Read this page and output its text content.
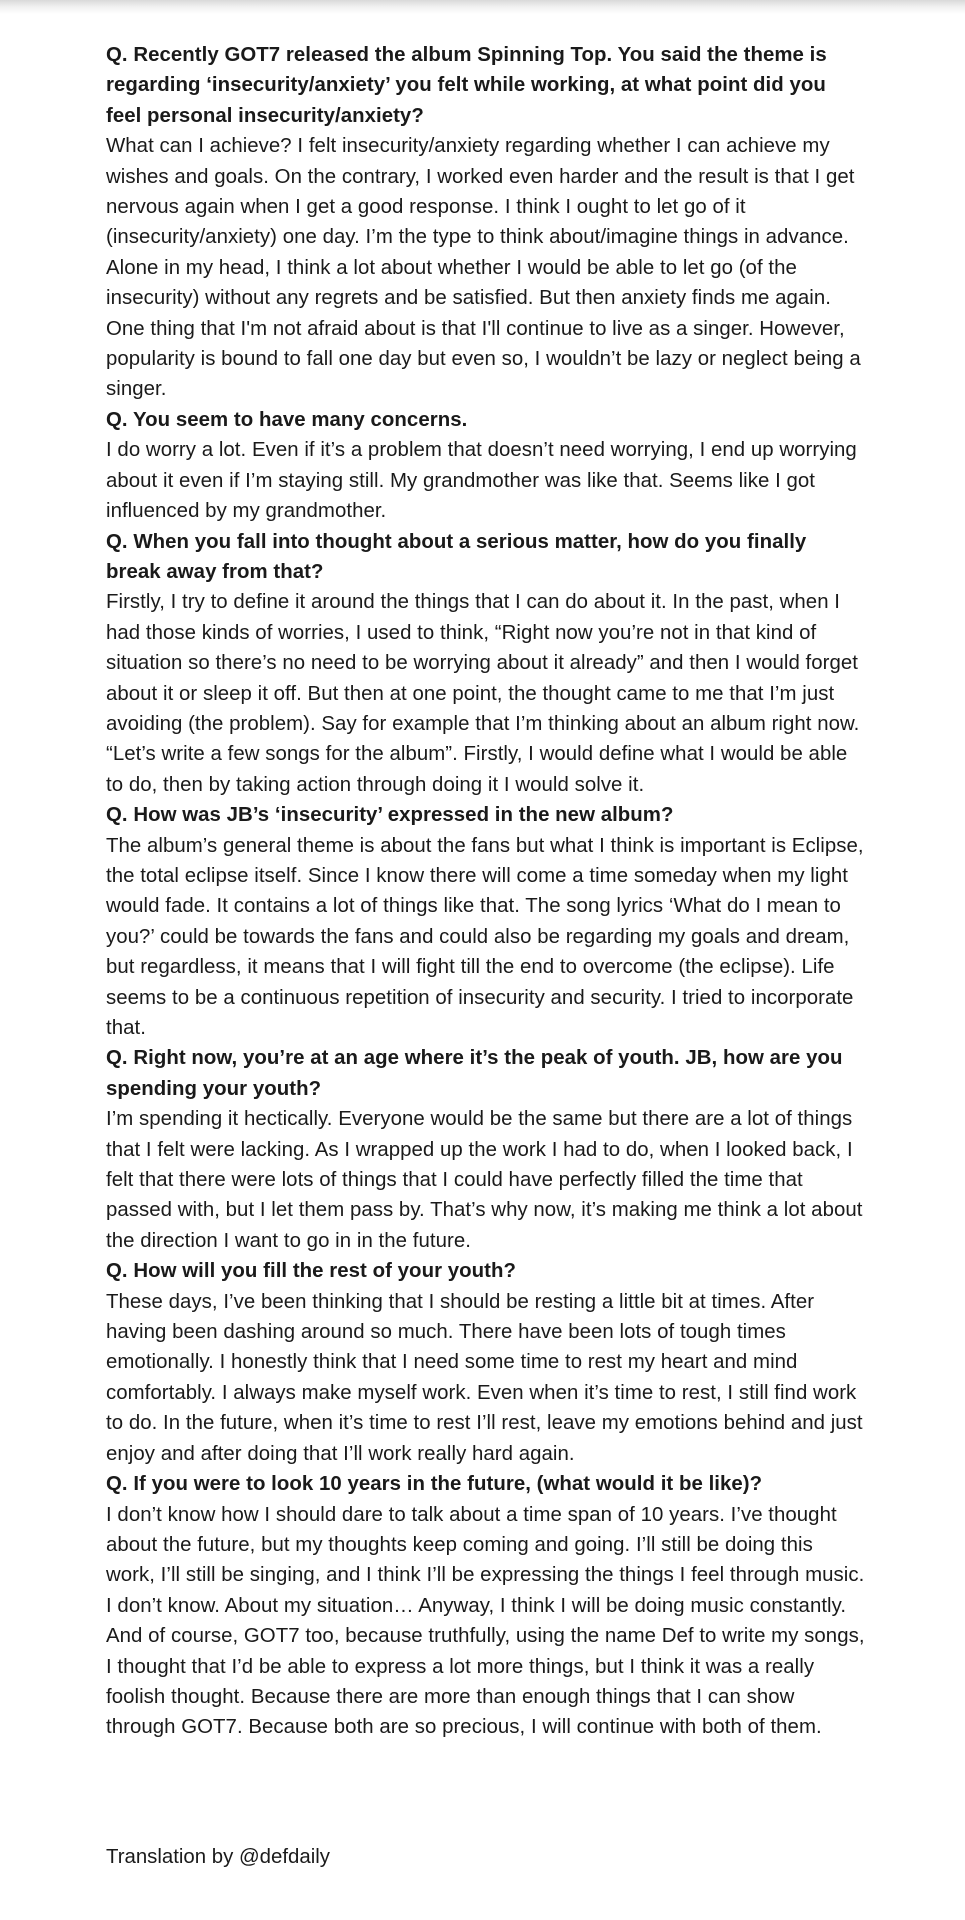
Q. Recently GOT7 released the album Spinning Top. You said the theme is regarding ‘insecurity/anxiety’ you felt while working, at what point did you feel personal insecurity/anxiety?

What can I achieve? I felt insecurity/anxiety regarding whether I can achieve my wishes and goals. On the contrary, I worked even harder and the result is that I get nervous again when I get a good response. I think I ought to let go of it (insecurity/anxiety) one day. I’m the type to think about/imagine things in advance. Alone in my head, I think a lot about whether I would be able to let go (of the insecurity) without any regrets and be satisfied. But then anxiety finds me again. One thing that I'm not afraid about is that I'll continue to live as a singer. However, popularity is bound to fall one day but even so, I wouldn’t be lazy or neglect being a singer.

Q. You seem to have many concerns.

I do worry a lot. Even if it’s a problem that doesn’t need worrying, I end up worrying about it even if I’m staying still. My grandmother was like that. Seems like I got influenced by my grandmother.

Q. When you fall into thought about a serious matter, how do you finally break away from that?

Firstly, I try to define it around the things that I can do about it. In the past, when I had those kinds of worries, I used to think, “Right now you’re not in that kind of situation so there’s no need to be worrying about it already” and then I would forget about it or sleep it off. But then at one point, the thought came to me that I’m just avoiding (the problem). Say for example that I’m thinking about an album right now. “Let’s write a few songs for the album”. Firstly, I would define what I would be able to do, then by taking action through doing it I would solve it.

Q. How was JB’s ‘insecurity’ expressed in the new album?

The album’s general theme is about the fans but what I think is important is Eclipse, the total eclipse itself. Since I know there will come a time someday when my light would fade. It contains a lot of things like that. The song lyrics ‘What do I mean to you?’ could be towards the fans and could also be regarding my goals and dream, but regardless, it means that I will fight till the end to overcome (the eclipse). Life seems to be a continuous repetition of insecurity and security. I tried to incorporate that.

Q. Right now, you’re at an age where it’s the peak of youth. JB, how are you spending your youth?

I’m spending it hectically. Everyone would be the same but there are a lot of things that I felt were lacking. As I wrapped up the work I had to do, when I looked back, I felt that there were lots of things that I could have perfectly filled the time that passed with, but I let them pass by. That’s why now, it’s making me think a lot about the direction I want to go in in the future.

Q. How will you fill the rest of your youth?

These days, I’ve been thinking that I should be resting a little bit at times. After having been dashing around so much. There have been lots of tough times emotionally. I honestly think that I need some time to rest my heart and mind comfortably. I always make myself work. Even when it’s time to rest, I still find work to do. In the future, when it’s time to rest I’ll rest, leave my emotions behind and just enjoy and after doing that I’ll work really hard again.

Q. If you were to look 10 years in the future, (what would it be like)?

I don’t know how I should dare to talk about a time span of 10 years. I’ve thought about the future, but my thoughts keep coming and going. I’ll still be doing this work, I’ll still be singing, and I think I’ll be expressing the things I feel through music. I don’t know. About my situation… Anyway, I think I will be doing music constantly. And of course, GOT7 too, because truthfully, using the name Def to write my songs, I thought that I’d be able to express a lot more things, but I think it was a really foolish thought. Because there are more than enough things that I can show through GOT7. Because both are so precious, I will continue with both of them.

Translation by @defdaily
